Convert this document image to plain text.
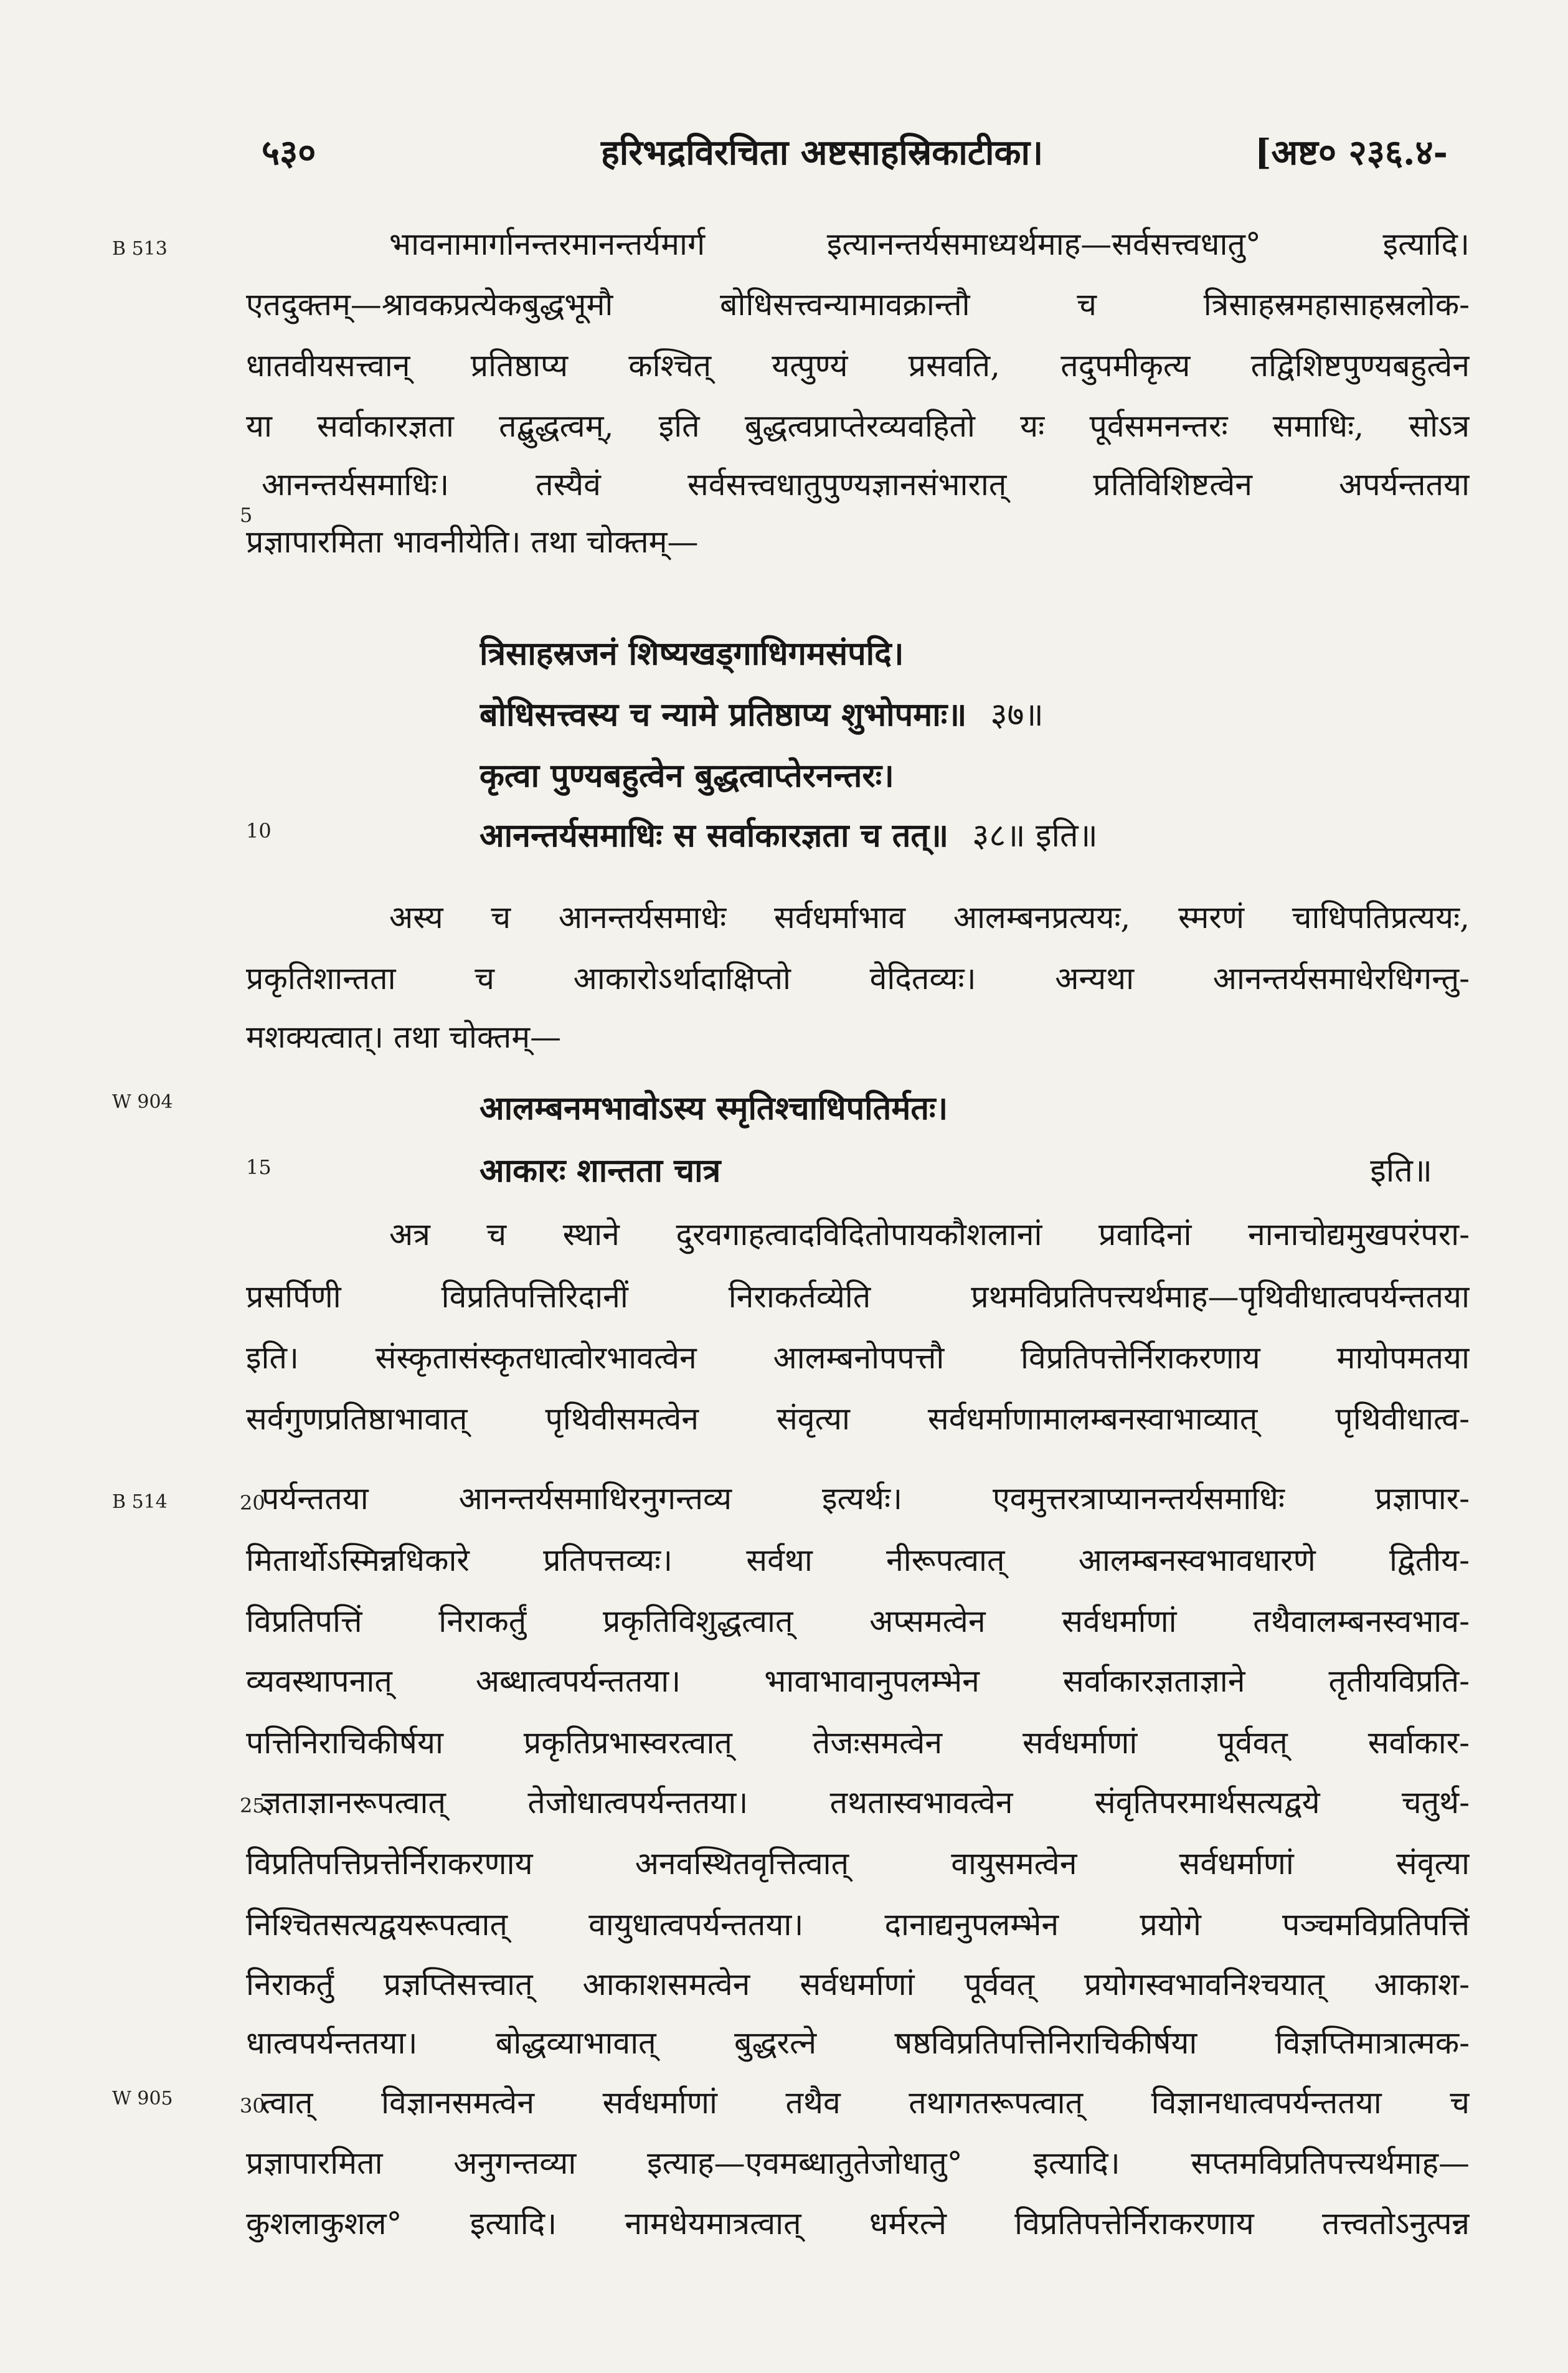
५३०	हरिभद्रविरचिता अष्टसाहस्रिकाटीका।	[अष्ट० २३६.४-
B 513
W 904
B 514
W 905
5
10
15
20
25
30
भावनामार्गानन्तरमानन्तर्यमार्ग इत्यानन्तर्यसमाध्यर्थमाह—सर्वसत्त्वधातु° इत्यादि।
एतदुक्तम्—श्रावकप्रत्येकबुद्धभूमौ बोधिसत्त्वन्यामावक्रान्तौ च त्रिसाहस्रमहासाहस्रलोक-
धातवीयसत्त्वान् प्रतिष्ठाप्य कश्चित् यत्पुण्यं प्रसवति, तदुपमीकृत्य तद्विशिष्टपुण्यबहुत्वेन
या सर्वाकारज्ञता तद्बुद्धत्वम्, इति बुद्धत्वप्राप्तेरव्यवहितो यः पूर्वसमनन्तरः समाधिः, सोऽत्र
आनन्तर्यसमाधिः। तस्यैवं सर्वसत्त्वधातुपुण्यज्ञानसंभारात् प्रतिविशिष्टत्वेन अपर्यन्ततया
प्रज्ञापारमिता भावनीयेति। तथा चोक्तम्—
त्रिसाहस्रजनं शिष्यखड्गाधिगमसंपदि।
बोधिसत्त्वस्य च न्यामे प्रतिष्ठाप्य शुभोपमाः॥ ३७॥
कृत्वा पुण्यबहुत्वेन बुद्धत्वाप्तेरनन्तरः।
आनन्तर्यसमाधिः स सर्वाकारज्ञता च तत्॥ ३८॥ इति॥
अस्य च आनन्तर्यसमाधेः सर्वधर्माभाव आलम्बनप्रत्ययः, स्मरणं चाधिपतिप्रत्ययः,
प्रकृतिशान्तता च आकारोऽर्थादाक्षिप्तो वेदितव्यः। अन्यथा आनन्तर्यसमाधेरधिगन्तु-
मशक्यत्वात्। तथा चोक्तम्—
आलम्बनमभावोऽस्य स्मृतिश्चाधिपतिर्मतः।
आकारः शान्तता चात्र	इति॥
अत्र च स्थाने दुरवगाहत्वादविदितोपायकौशलानां प्रवादिनां नानाचोद्यमुखपरंपरा-
प्रसर्पिणी विप्रतिपत्तिरिदानीं निराकर्तव्येति प्रथमविप्रतिपत्त्यर्थमाह—पृथिवीधात्वपर्यन्ततया
इति। संस्कृतासंस्कृतधात्वोरभावत्वेन आलम्बनोपपत्तौ विप्रतिपत्तेर्निराकरणाय मायोपमतया
सर्वगुणप्रतिष्ठाभावात् पृथिवीसमत्वेन संवृत्या सर्वधर्माणामालम्बनस्वाभाव्यात् पृथिवीधात्व-
पर्यन्ततया आनन्तर्यसमाधिरनुगन्तव्य इत्यर्थः। एवमुत्तरत्राप्यानन्तर्यसमाधिः प्रज्ञापार-
मितार्थोऽस्मिन्नधिकारे प्रतिपत्तव्यः। सर्वथा नीरूपत्वात् आलम्बनस्वभावधारणे द्वितीय-
विप्रतिपत्तिं निराकर्तुं प्रकृतिविशुद्धत्वात् अप्समत्वेन सर्वधर्माणां तथैवालम्बनस्वभाव-
व्यवस्थापनात् अब्धात्वपर्यन्ततया। भावाभावानुपलम्भेन सर्वाकारज्ञताज्ञाने तृतीयविप्रति-
पत्तिनिराचिकीर्षया प्रकृतिप्रभास्वरत्वात् तेजःसमत्वेन सर्वधर्माणां पूर्ववत् सर्वाकार-
ज्ञताज्ञानरूपत्वात् तेजोधात्वपर्यन्ततया। तथतास्वभावत्वेन संवृतिपरमार्थसत्यद्वये चतुर्थ-
विप्रतिपत्तिप्रत्तेर्निराकरणाय अनवस्थितवृत्तित्वात् वायुसमत्वेन सर्वधर्माणां संवृत्या
निश्चितसत्यद्वयरूपत्वात् वायुधात्वपर्यन्ततया। दानाद्यनुपलम्भेन प्रयोगे पञ्चमविप्रतिपत्तिं
निराकर्तुं प्रज्ञप्तिसत्त्वात् आकाशसमत्वेन सर्वधर्माणां पूर्ववत् प्रयोगस्वभावनिश्चयात् आकाश-
धात्वपर्यन्ततया। बोद्धव्याभावात् बुद्धरत्ने षष्ठविप्रतिपत्तिनिराचिकीर्षया विज्ञप्तिमात्रात्मक-
त्वात् विज्ञानसमत्वेन सर्वधर्माणां तथैव तथागतरूपत्वात् विज्ञानधात्वपर्यन्ततया च
प्रज्ञापारमिता अनुगन्तव्या इत्याह—एवमब्धातुतेजोधातु° इत्यादि। सप्तमविप्रतिपत्त्यर्थमाह—
कुशलाकुशल° इत्यादि। नामधेयमात्रत्वात् धर्मरत्ने विप्रतिपत्तेर्निराकरणाय तत्त्वतोऽनुत्पन्न
